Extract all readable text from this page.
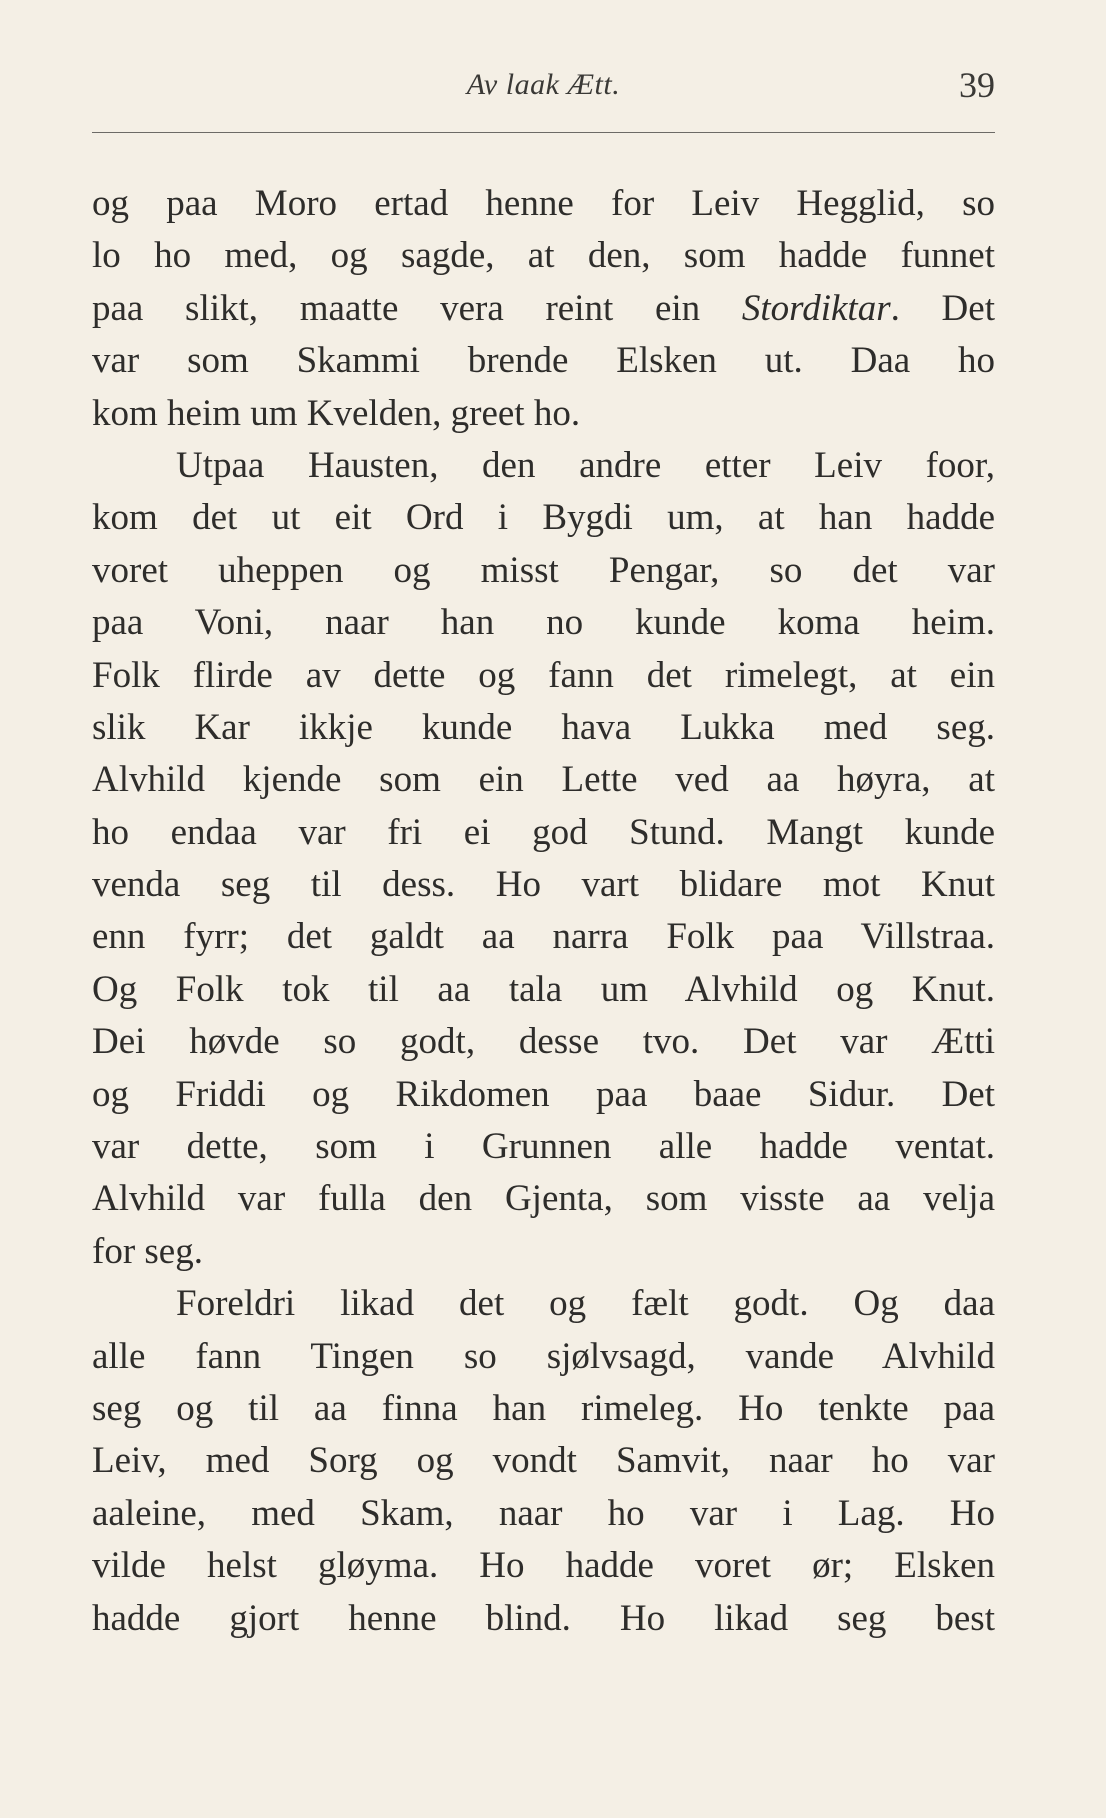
Av laak Ætt.	39
og paa Moro ertad henne for Leiv Hegglid, so
lo ho med, og sagde, at den, som hadde funnet
paa slikt, maatte vera reint ein Stordiktar. Det
var som Skammi brende Elsken ut. Daa ho
kom heim um Kvelden, greet ho.
Utpaa Hausten, den andre etter Leiv foor,
kom det ut eit Ord i Bygdi um, at han hadde
voret uheppen og misst Pengar, so det var
paa Voni, naar han no kunde koma heim.
Folk flirde av dette og fann det rimelegt, at ein
slik Kar ikkje kunde hava Lukka med seg.
Alvhild kjende som ein Lette ved aa høyra, at
ho endaa var fri ei god Stund. Mangt kunde
venda seg til dess. Ho vart blidare mot Knut
enn fyrr; det galdt aa narra Folk paa Villstraa.
Og Folk tok til aa tala um Alvhild og Knut.
Dei høvde so godt, desse tvo. Det var Ætti
og Friddi og Rikdomen paa baae Sidur. Det
var dette, som i Grunnen alle hadde ventat.
Alvhild var fulla den Gjenta, som visste aa velja
for seg.
Foreldri likad det og fælt godt. Og daa
alle fann Tingen so sjølvsagd, vande Alvhild
seg og til aa finna han rimeleg. Ho tenkte paa
Leiv, med Sorg og vondt Samvit, naar ho var
aaleine, med Skam, naar ho var i Lag. Ho
vilde helst gløyma. Ho hadde voret ør; Elsken
hadde gjort henne blind. Ho likad seg best
